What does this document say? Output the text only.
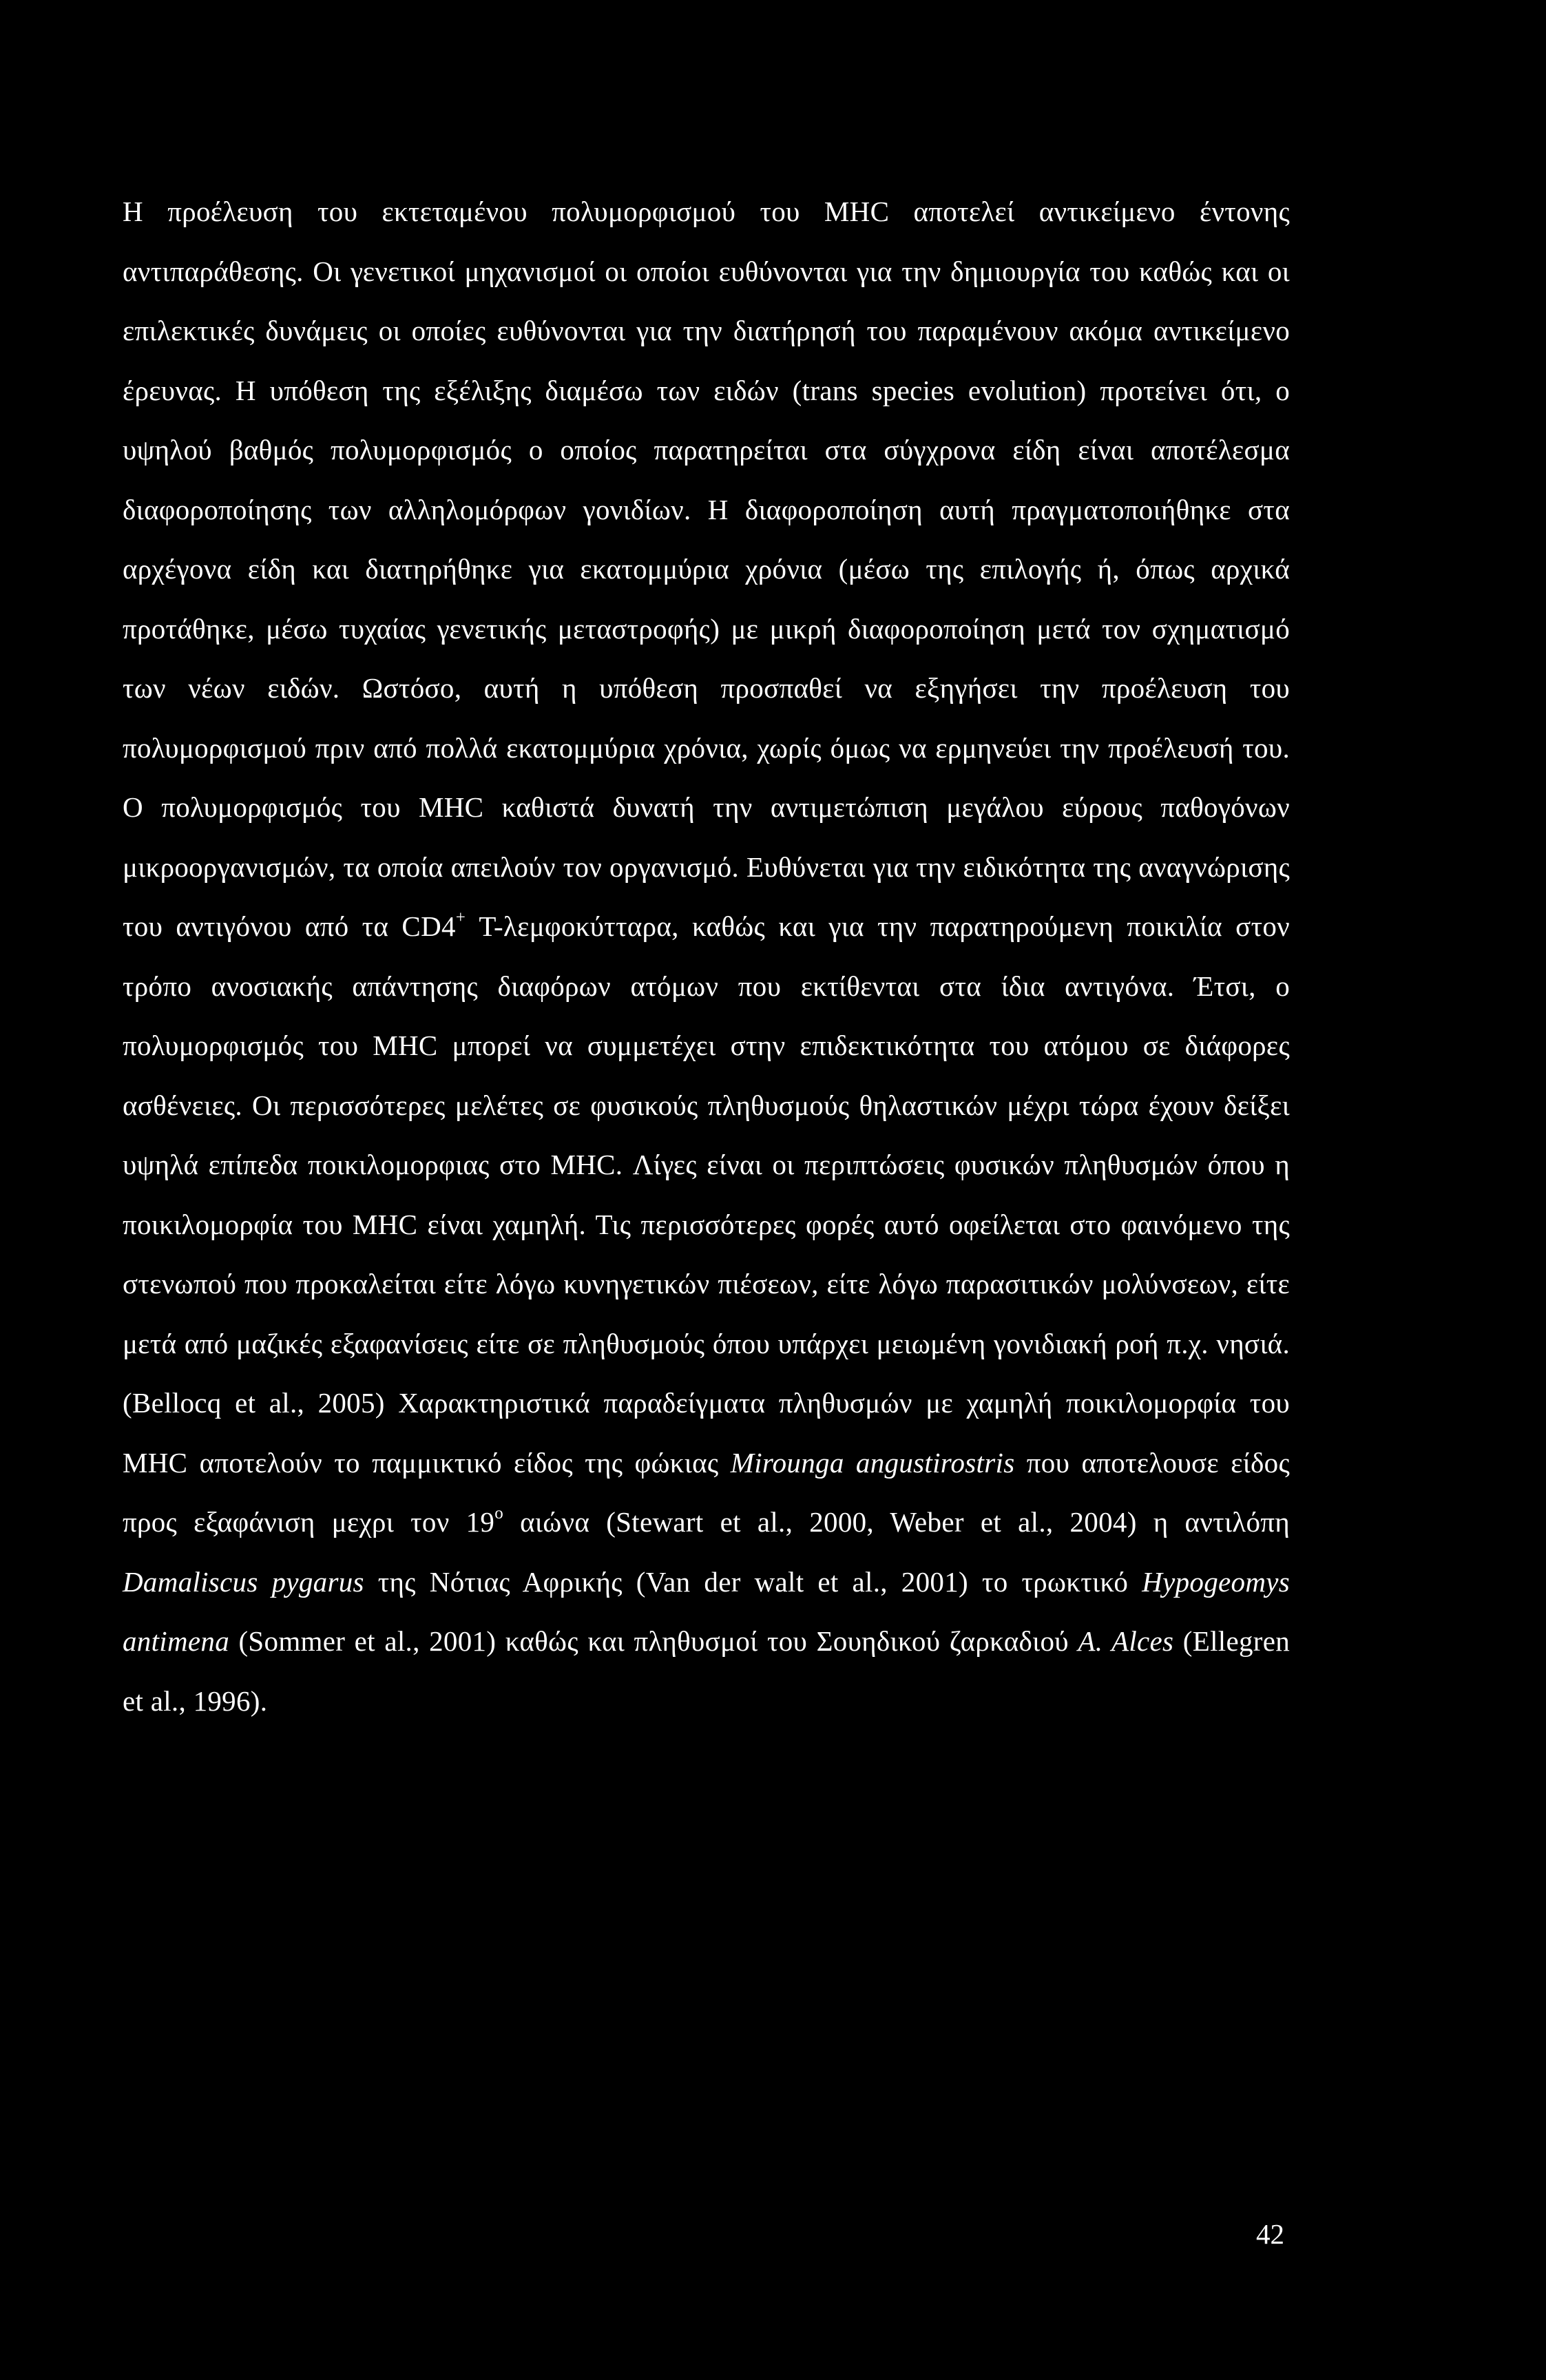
Η προέλευση του εκτεταμένου πολυμορφισμού του MHC αποτελεί αντικείμενο έντονης αντιπαράθεσης. Οι γενετικοί μηχανισμοί οι οποίοι ευθύνονται για την δημιουργία του καθώς και οι επιλεκτικές δυνάμεις οι οποίες ευθύνονται για την διατήρησή του παραμένουν ακόμα αντικείμενο έρευνας. Η υπόθεση της εξέλιξης διαμέσω των ειδών (trans species evolution) προτείνει ότι, ο υψηλού βαθμός πολυμορφισμός ο οποίος παρατηρείται στα σύγχρονα είδη είναι αποτέλεσμα διαφοροποίησης των αλληλομόρφων γονιδίων. Η διαφοροποίηση αυτή πραγματοποιήθηκε στα αρχέγονα είδη και διατηρήθηκε για εκατομμύρια χρόνια (μέσω της επιλογής ή, όπως αρχικά προτάθηκε, μέσω τυχαίας γενετικής μεταστροφής) με μικρή διαφοροποίηση μετά τον σχηματισμό των νέων ειδών. Ωστόσο, αυτή η υπόθεση προσπαθεί να εξηγήσει την προέλευση του πολυμορφισμού πριν από πολλά εκατομμύρια χρόνια, χωρίς όμως να ερμηνεύει την προέλευσή του. Ο πολυμορφισμός του MHC καθιστά δυνατή την αντιμετώπιση μεγάλου εύρους παθογόνων μικροοργανισμών, τα οποία απειλούν τον οργανισμό. Ευθύνεται για την ειδικότητα της αναγνώρισης του αντιγόνου από τα CD4+ Τ-λεμφοκύτταρα, καθώς και για την παρατηρούμενη ποικιλία στον τρόπο ανοσιακής απάντησης διαφόρων ατόμων που εκτίθενται στα ίδια αντιγόνα. Έτσι, ο πολυμορφισμός του MHC μπορεί να συμμετέχει στην επιδεκτικότητα του ατόμου σε διάφορες ασθένειες. Οι περισσότερες μελέτες σε φυσικούς πληθυσμούς θηλαστικών μέχρι τώρα έχουν δείξει υψηλά επίπεδα ποικιλομορφιας στο MHC. Λίγες είναι οι περιπτώσεις φυσικών πληθυσμών όπου η ποικιλομορφία του MHC είναι χαμηλή. Τις περισσότερες φορές αυτό οφείλεται στο φαινόμενο της στενωπού που προκαλείται είτε λόγω κυνηγετικών πιέσεων, είτε λόγω παρασιτικών μολύνσεων, είτε μετά από μαζικές εξαφανίσεις είτε σε πληθυσμούς όπου υπάρχει μειωμένη γονιδιακή ροή π.χ. νησιά. (Bellocq et al., 2005) Χαρακτηριστικά παραδείγματα πληθυσμών με χαμηλή ποικιλομορφία του MHC αποτελούν το παμμικτικό είδος της φώκιας Mirounga angustirostris που αποτελουσε είδος προς εξαφάνιση μεχρι τον $19^o$ αιώνα (Stewart et al., 2000, Weber et al., 2004) η αντιλόπη Damaliscus pygarus της Νότιας Αφρικής (Van der walt et al., 2001) το τρωκτικό Hypogeomys antimena (Sommer et al., 2001) καθώς και πληθυσμοί του Σουηδικού ζαρκαδιού A. Alces (Ellegren et al., 1996).

42
